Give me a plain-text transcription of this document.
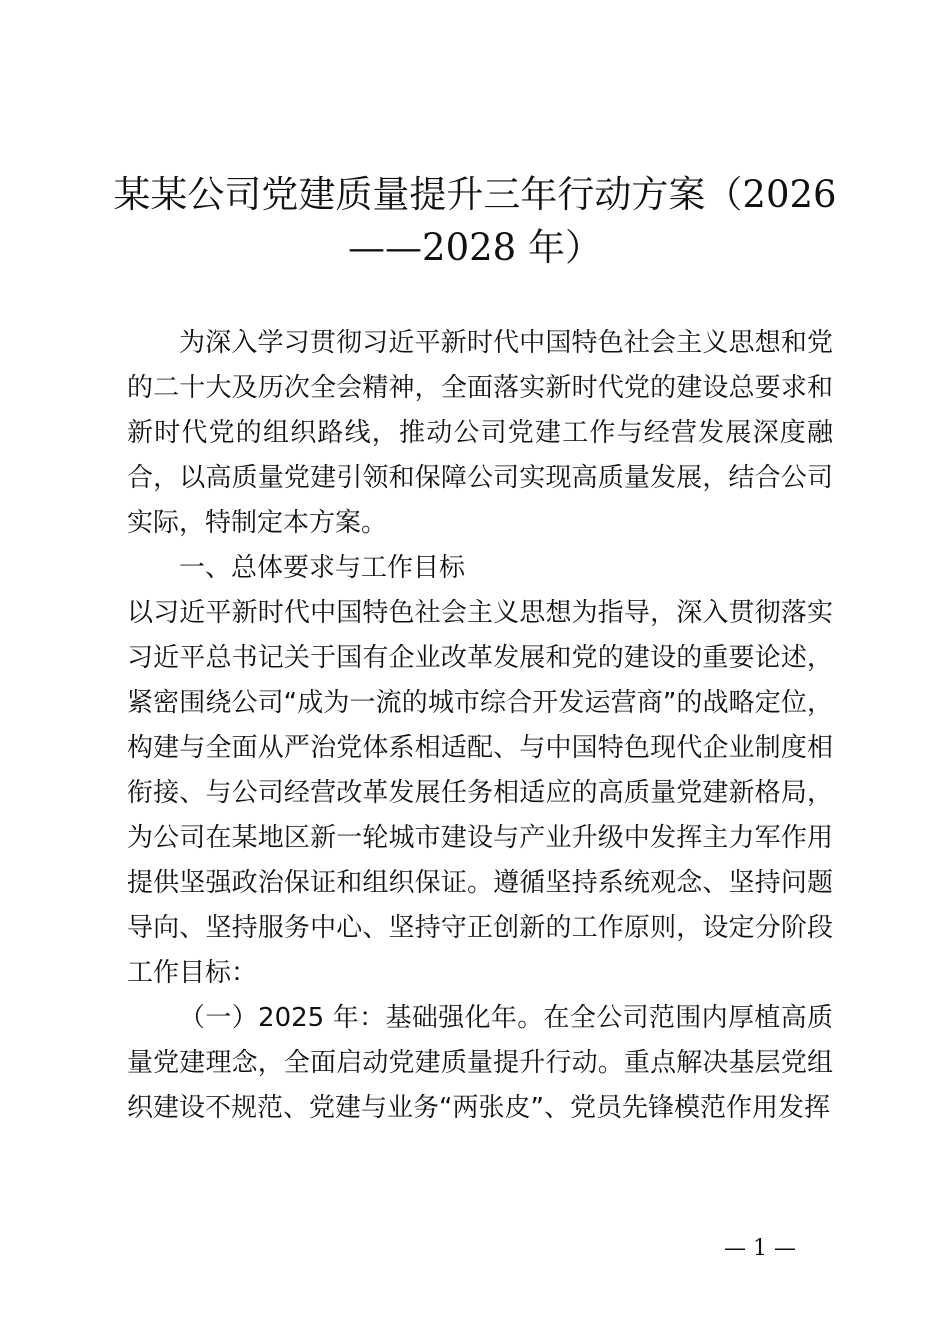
某某公司党建质量提升三年行动方案（2026
——2028 年）

为深入学习贯彻习近平新时代中国特色社会主义思想和党的二十大及历次全会精神，全面落实新时代党的建设总要求和新时代党的组织路线，推动公司党建工作与经营发展深度融合，以高质量党建引领和保障公司实现高质量发展，结合公司实际，特制定本方案。

一、总体要求与工作目标

以习近平新时代中国特色社会主义思想为指导，深入贯彻落实习近平总书记关于国有企业改革发展和党的建设的重要论述，紧密围绕公司“成为一流的城市综合开发运营商”的战略定位，构建与全面从严治党体系相适配、与中国特色现代企业制度相衔接、与公司经营改革发展任务相适应的高质量党建新格局，为公司在某地区新一轮城市建设与产业升级中发挥主力军作用提供坚强政治保证和组织保证。遵循坚持系统观念、坚持问题导向、坚持服务中心、坚持守正创新的工作原则，设定分阶段工作目标：

（一）2025 年：基础强化年。在全公司范围内厚植高质量党建理念，全面启动党建质量提升行动。重点解决基层党组织建设不规范、党建与业务“两张皮”、党员先锋模范作用发挥

— 1 —
